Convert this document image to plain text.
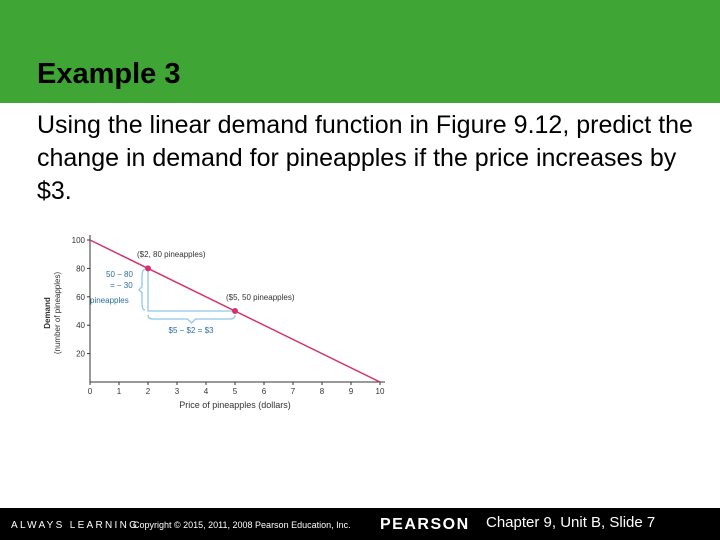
Example 3
Using the linear demand function in Figure 9.12, predict the change in demand for pineapples if the price increases by $3.
0	1	2	3	4	5	6	7	8	9	10
20
40
60
80
100
Demand (number of pineapples)
Price of pineapples (dollars)
50 − 80
= − 30
pineapples
$5 − $2 = $3
($2, 80 pineapples)
($5, 50 pineapples)
ALWAYS LEARNING
Copyright © 2015, 2011, 2008 Pearson Education, Inc. PEARSON Chapter 9, Unit B, Slide 7
